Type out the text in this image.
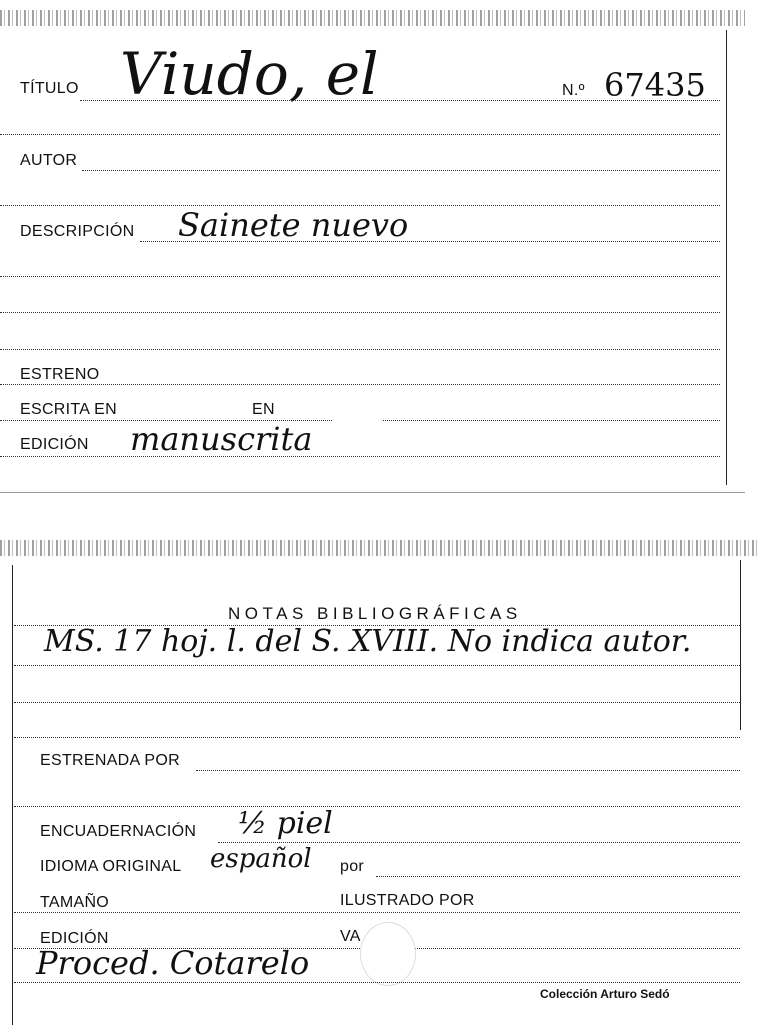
TÍTULO Viudo, el	N.º 67435
AUTOR
DESCRIPCIÓN Sainete nuevo
ESTRENO
ESCRITA EN	EN
EDICIÓN manuscrita
NOTAS BIBLIOGRÁFICAS
MS. 17 hoj. l. del S. XVIII. No indica autor.
ESTRENADA POR
ENCUADERNACIÓN ½ piel
IDIOMA ORIGINAL español por
TAMAÑO	ILUSTRADO POR
EDICIÓN	VA
Proced. Cotarelo
Colección Arturo Sedó
